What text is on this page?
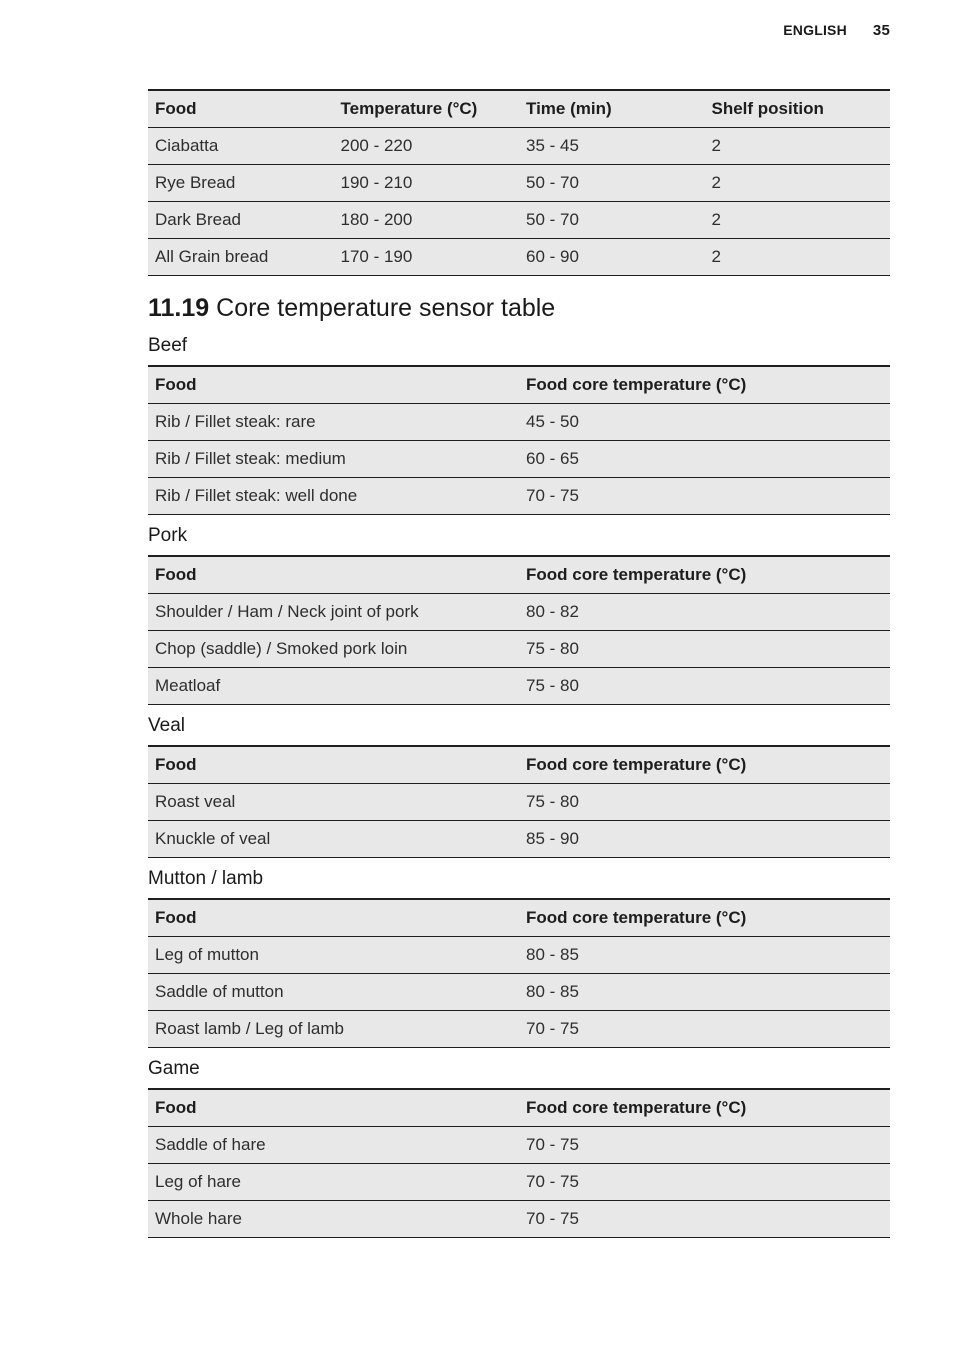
ENGLISH 35
Food	Temperature (°C)	Time (min)	Shelf position
Ciabatta	200 - 220	35 - 45	2
Rye Bread	190 - 210	50 - 70	2
Dark Bread	180 - 200	50 - 70	2
All Grain bread	170 - 190	60 - 90	2
11.19 Core temperature sensor table
Beef
Food	Food core temperature (°C)
Rib / Fillet steak: rare	45 - 50
Rib / Fillet steak: medium	60 - 65
Rib / Fillet steak: well done	70 - 75
Pork
Food	Food core temperature (°C)
Shoulder / Ham / Neck joint of pork	80 - 82
Chop (saddle) / Smoked pork loin	75 - 80
Meatloaf	75 - 80
Veal
Food	Food core temperature (°C)
Roast veal	75 - 80
Knuckle of veal	85 - 90
Mutton / lamb
Food	Food core temperature (°C)
Leg of mutton	80 - 85
Saddle of mutton	80 - 85
Roast lamb / Leg of lamb	70 - 75
Game
Food	Food core temperature (°C)
Saddle of hare	70 - 75
Leg of hare	70 - 75
Whole hare	70 - 75
